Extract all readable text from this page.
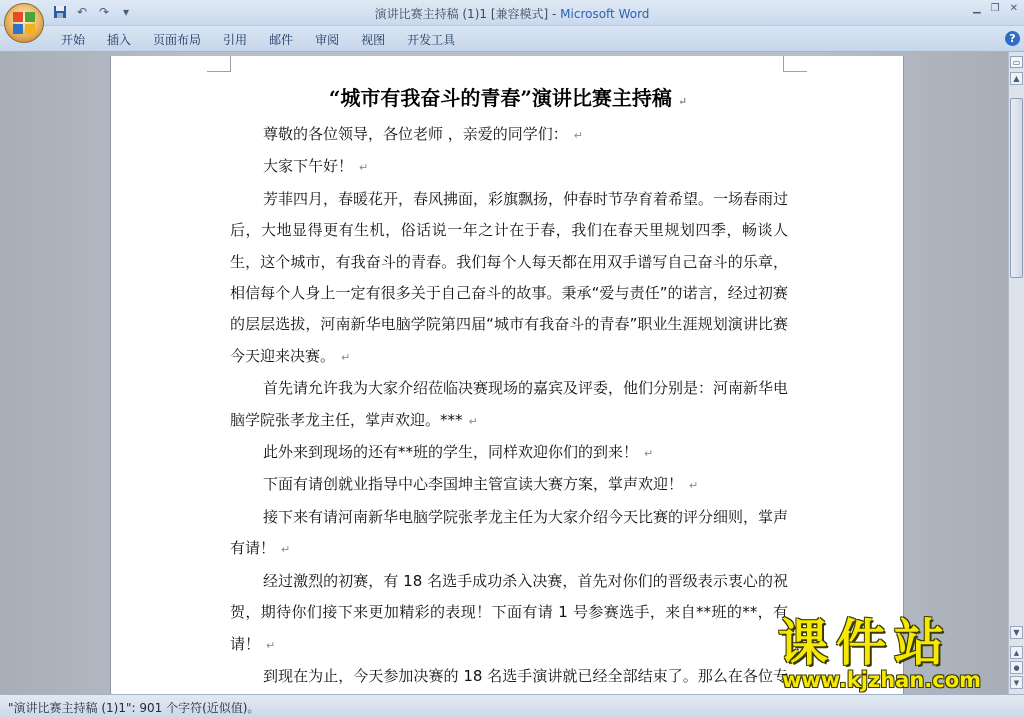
↶ ↷	▾	演讲比赛主持稿 (1)1 [兼容模式] - Microsoft Word	▁ ❐ ✕
开始	插入	页面布局	引用	邮件	审阅	视图	开发工具	?
“城市有我奋斗的青春”演讲比赛主持稿 ↵

尊敬的各位领导，各位老师 ，亲爱的同学们： ↵

大家下午好！ ↵

芳菲四月，春暖花开，春风拂面，彩旗飘扬，仲春时节孕育着希望。一场春雨过后，大地显得更有生机，俗话说一年之计在于春，我们在春天里规划四季，畅谈人生，这个城市，有我奋斗的青春。我们每个人每天都在用双手谱写自己奋斗的乐章，相信每个人身上一定有很多关于自己奋斗的故事。秉承“爱与责任”的诺言，经过初赛的层层选拔，河南新华电脑学院第四届“城市有我奋斗的青春”职业生涯规划演讲比赛今天迎来决赛。 ↵

首先请允许我为大家介绍莅临决赛现场的嘉宾及评委，他们分别是：河南新华电脑学院张孝龙主任，掌声欢迎。*** ↵

此外来到现场的还有**班的学生，同样欢迎你们的到来！ ↵

下面有请创就业指导中心李国坤主管宣读大赛方案，掌声欢迎！ ↵

接下来有请河南新华电脑学院张孝龙主任为大家介绍今天比赛的评分细则，掌声有请！ ↵

经过激烈的初赛，有 18 名选手成功杀入决赛，首先对你们的晋级表示衷心的祝贺，期待你们接下来更加精彩的表现！下面有请 1 号参赛选手，来自**班的**，有请！ ↵

到现在为止，今天参加决赛的 18 名选手演讲就已经全部结束了。那么在各位专

▭
▲
▼
▲
●
▼
"演讲比赛主持稿 (1)1": 901 个字符(近似值)。
课件站
www.kjzhan.com
